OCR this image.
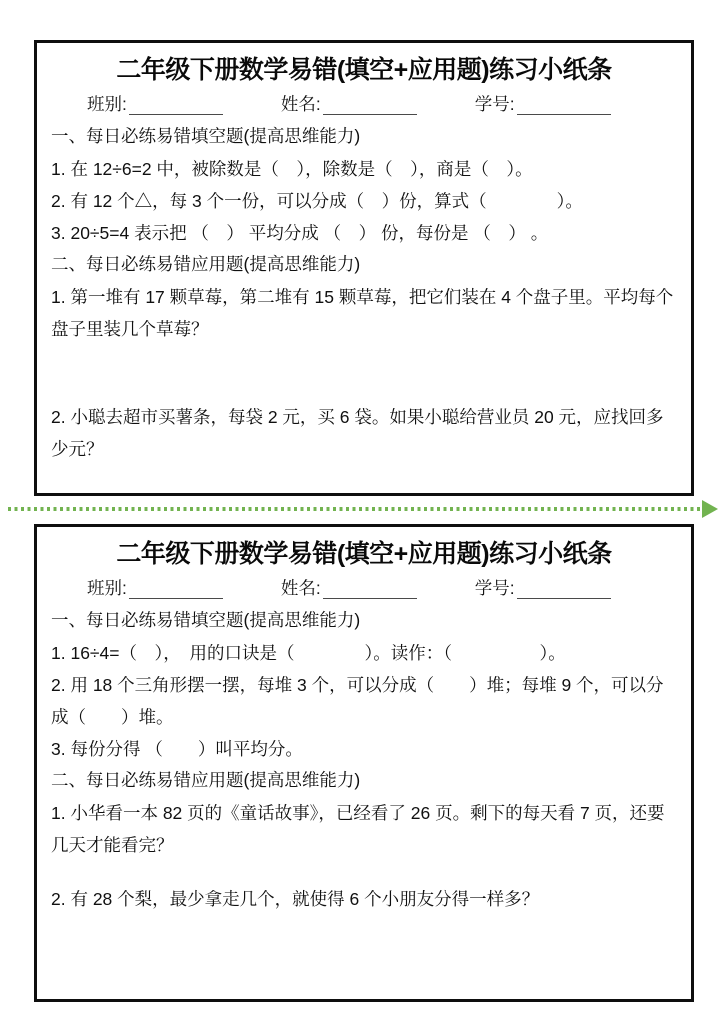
二年级下册数学易错(填空+应用题)练习小纸条
班别:	姓名:	学号:

一、每日必练易错填空题(提高思维能力)

1. 在 12÷6=2 中，被除数是（　），除数是（　），商是（　）。

2. 有 12 个△，每 3 个一份，可以分成（　）份，算式（　　　　）。

3. 20÷5=4 表示把 （　） 平均分成 （　） 份，每份是 （　） 。

二、每日必练易错应用题(提高思维能力)

1. 第一堆有 17 颗草莓，第二堆有 15 颗草莓，把它们装在 4 个盘子里。平均每个盘子里装几个草莓？

2. 小聪去超市买薯条，每袋 2 元，买 6 袋。如果小聪给营业员 20 元，应找回多少元？

二年级下册数学易错(填空+应用题)练习小纸条
班别:	姓名:	学号:

一、每日必练易错填空题(提高思维能力)

1. 16÷4=（　），　用的口诀是（　　　　）。读作：（　　　　　）。

2. 用 18 个三角形摆一摆，每堆 3 个，可以分成（　　）堆；每堆 9 个，可以分成（　　）堆。

3. 每份分得 （　　）叫平均分。

二、每日必练易错应用题(提高思维能力)

1. 小华看一本 82 页的《童话故事》，已经看了 26 页。剩下的每天看 7 页，还要几天才能看完？

2. 有 28 个梨，最少拿走几个，就使得 6 个小朋友分得一样多？
